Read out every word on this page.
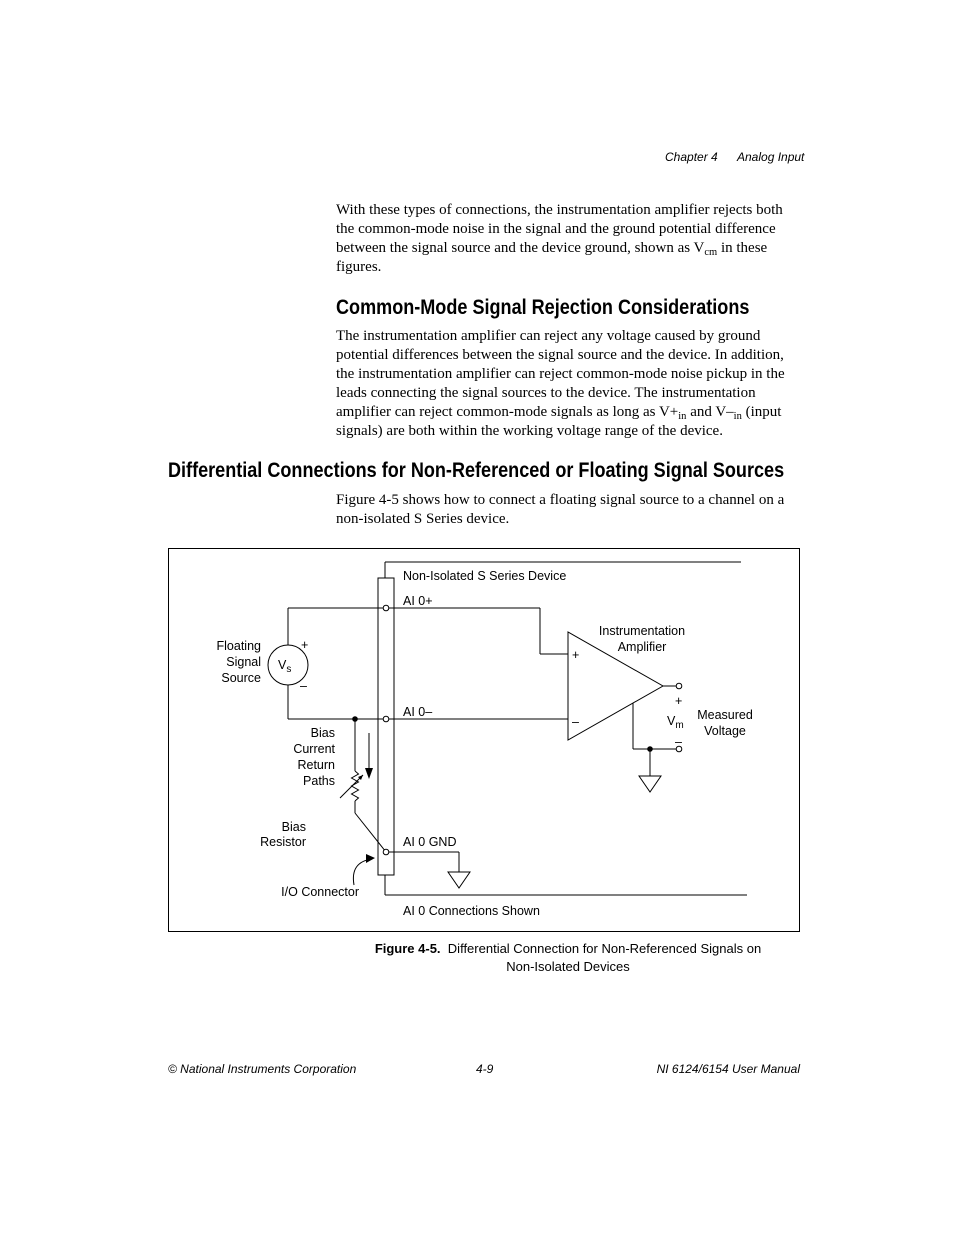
Chapter 4 Analog Input
With these types of connections, the instrumentation amplifier rejects both the common-mode noise in the signal and the ground potential difference between the signal source and the device ground, shown as $V_{cm}$ in these figures.
Common-Mode Signal Rejection Considerations
The instrumentation amplifier can reject any voltage caused by ground potential differences between the signal source and the device. In addition, the instrumentation amplifier can reject common-mode noise pickup in the leads connecting the signal sources to the device. The instrumentation amplifier can reject common-mode signals as long as $V+_{in}$ and $V-_{in}$ (input signals) are both within the working voltage range of the device.
Differential Connections for Non-Referenced or Floating Signal Sources
Figure 4-5 shows how to connect a floating signal source to a channel on a non-isolated S Series device.
Non-Isolated S Series Device
AI 0+
AI 0–
AI 0 GND
AI 0 Connections Shown
I/O Connector
Floating
Signal
Source
$V_s$
+
–
Bias
Current
Return
Paths
Bias
Resistor
Instrumentation
Amplifier
+
–
+
$V_m$
–
Measured
Voltage
Figure 4-5. Differential Connection for Non-Referenced Signals on
Non-Isolated Devices
© National Instruments Corporation	4-9	NI 6124/6154 User Manual
